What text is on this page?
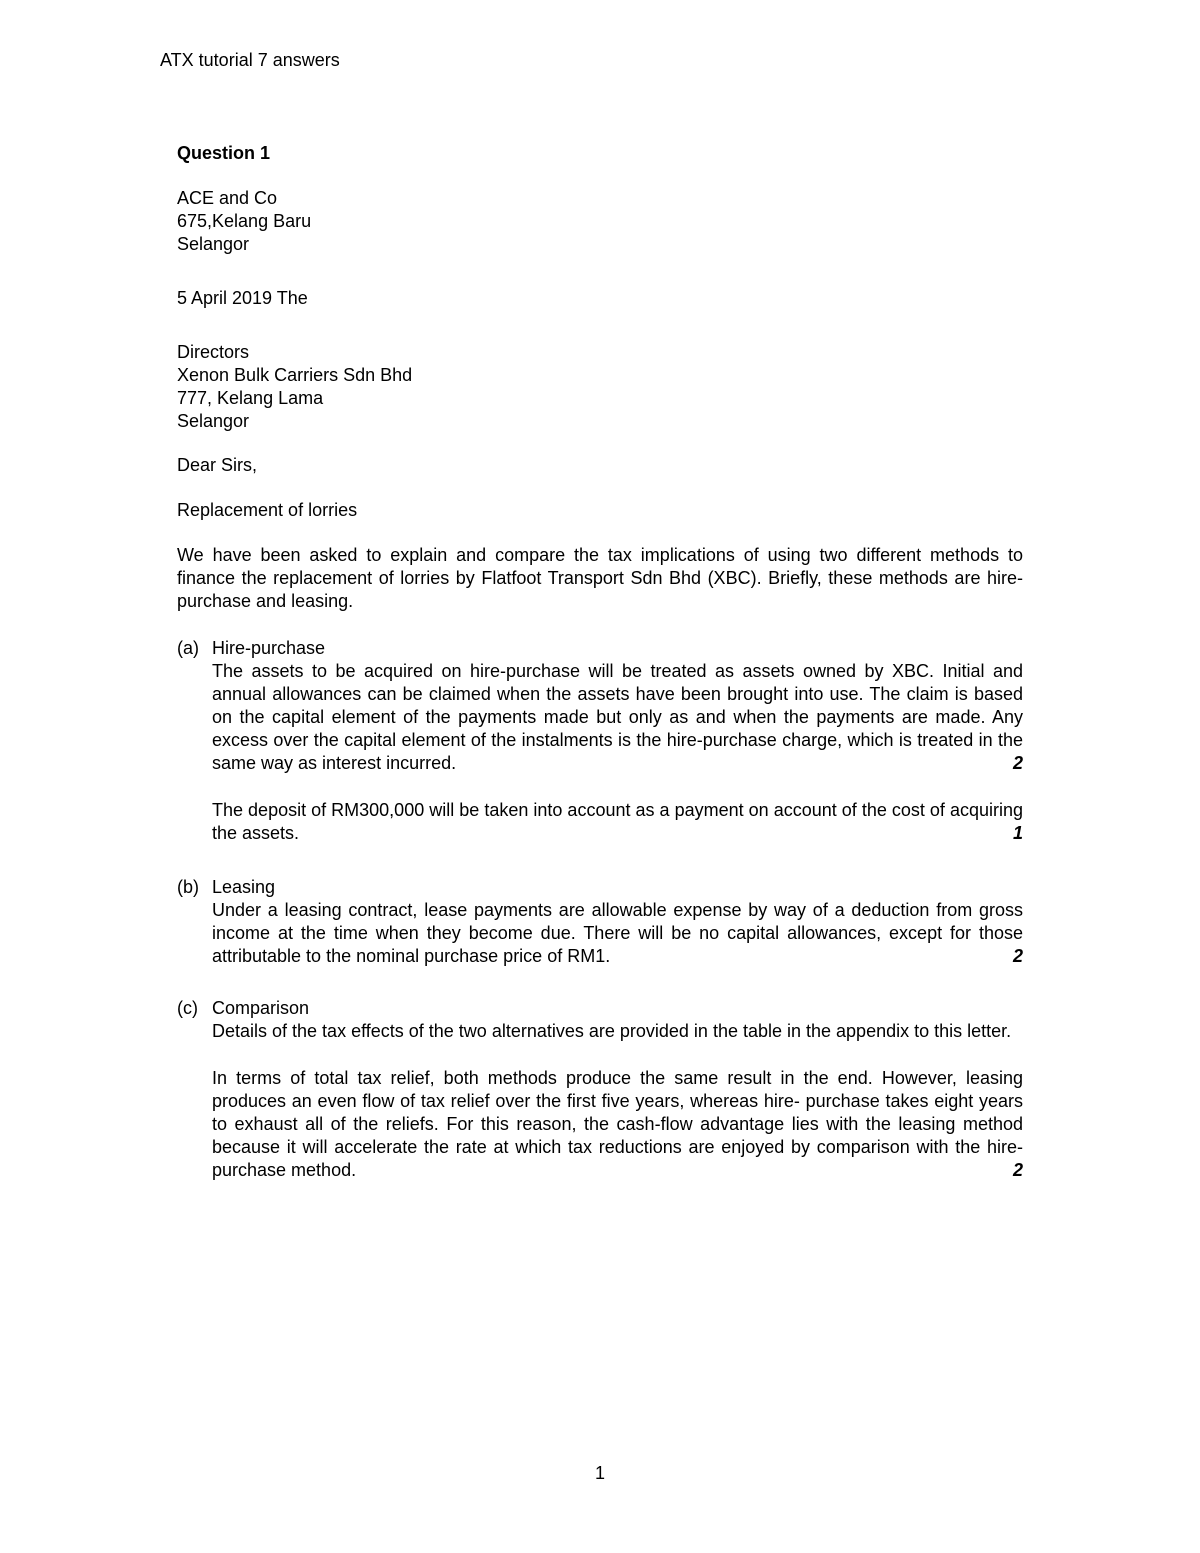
ATX tutorial 7 answers
Question 1
ACE and Co
675,Kelang Baru
Selangor
5 April 2019 The
Directors
Xenon Bulk Carriers Sdn Bhd
777, Kelang Lama
Selangor
Dear Sirs,
Replacement of lorries
We have been asked to explain and compare the tax implications of using two different methods to finance the replacement of lorries by Flatfoot Transport Sdn Bhd (XBC). Briefly, these methods are hire-purchase and leasing.
(a) Hire-purchase

The assets to be acquired on hire-purchase will be treated as assets owned by XBC. Initial and annual allowances can be claimed when the assets have been brought into use. The claim is based on the capital element of the payments made but only as and when the payments are made. Any excess over the capital element of the instalments is the hire-purchase charge, which is treated in the same way as interest incurred.	2

The deposit of RM300,000 will be taken into account as a payment on account of the cost of acquiring the assets.	1

(b) Leasing

Under a leasing contract, lease payments are allowable expense by way of a deduction from gross income at the time when they become due. There will be no capital allowances, except for those attributable to the nominal purchase price of RM1.	2

(c) Comparison

Details of the tax effects of the two alternatives are provided in the table in the appendix to this letter.

In terms of total tax relief, both methods produce the same result in the end. However, leasing produces an even flow of tax relief over the first five years, whereas hire- purchase takes eight years to exhaust all of the reliefs. For this reason, the cash-flow advantage lies with the leasing method because it will accelerate the rate at which tax reductions are enjoyed by comparison with the hire-purchase method.	2

1
